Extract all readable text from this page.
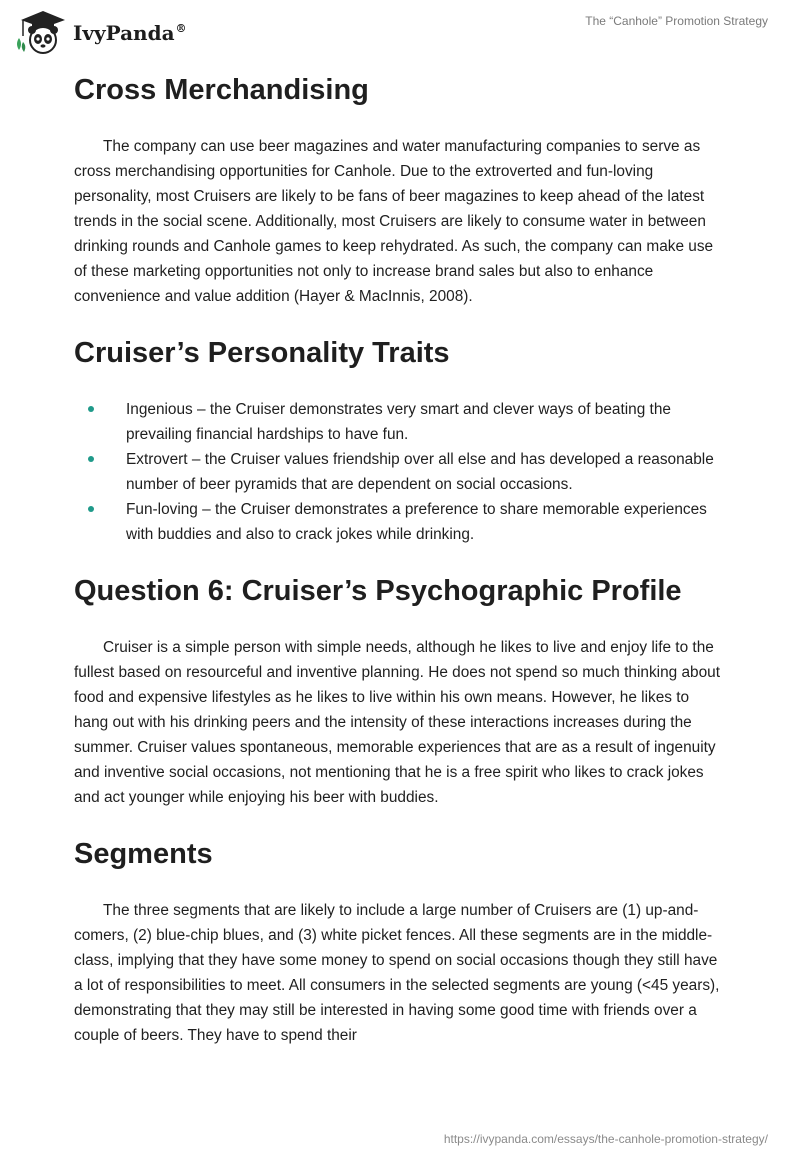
IvyPanda®
The “Canhole” Promotion Strategy
Cross Merchandising

The company can use beer magazines and water manufacturing companies to serve as cross merchandising opportunities for Canhole. Due to the extroverted and fun-loving personality, most Cruisers are likely to be fans of beer magazines to keep ahead of the latest trends in the social scene. Additionally, most Cruisers are likely to consume water in between drinking rounds and Canhole games to keep rehydrated. As such, the company can make use of these marketing opportunities not only to increase brand sales but also to enhance convenience and value addition (Hayer & MacInnis, 2008).

Cruiser’s Personality Traits
Ingenious – the Cruiser demonstrates very smart and clever ways of beating the prevailing financial hardships to have fun.
Extrovert – the Cruiser values friendship over all else and has developed a reasonable number of beer pyramids that are dependent on social occasions.
Fun-loving – the Cruiser demonstrates a preference to share memorable experiences with buddies and also to crack jokes while drinking.
Question 6: Cruiser’s Psychographic Profile

Cruiser is a simple person with simple needs, although he likes to live and enjoy life to the fullest based on resourceful and inventive planning. He does not spend so much thinking about food and expensive lifestyles as he likes to live within his own means. However, he likes to hang out with his drinking peers and the intensity of these interactions increases during the summer. Cruiser values spontaneous, memorable experiences that are as a result of ingenuity and inventive social occasions, not mentioning that he is a free spirit who likes to crack jokes and act younger while enjoying his beer with buddies.

Segments

The three segments that are likely to include a large number of Cruisers are (1) up-and-comers, (2) blue-chip blues, and (3) white picket fences. All these segments are in the middle-class, implying that they have some money to spend on social occasions though they still have a lot of responsibilities to meet. All consumers in the selected segments are young (<45 years), demonstrating that they may still be interested in having some good time with friends over a couple of beers. They have to spend their

https://ivypanda.com/essays/the-canhole-promotion-strategy/
